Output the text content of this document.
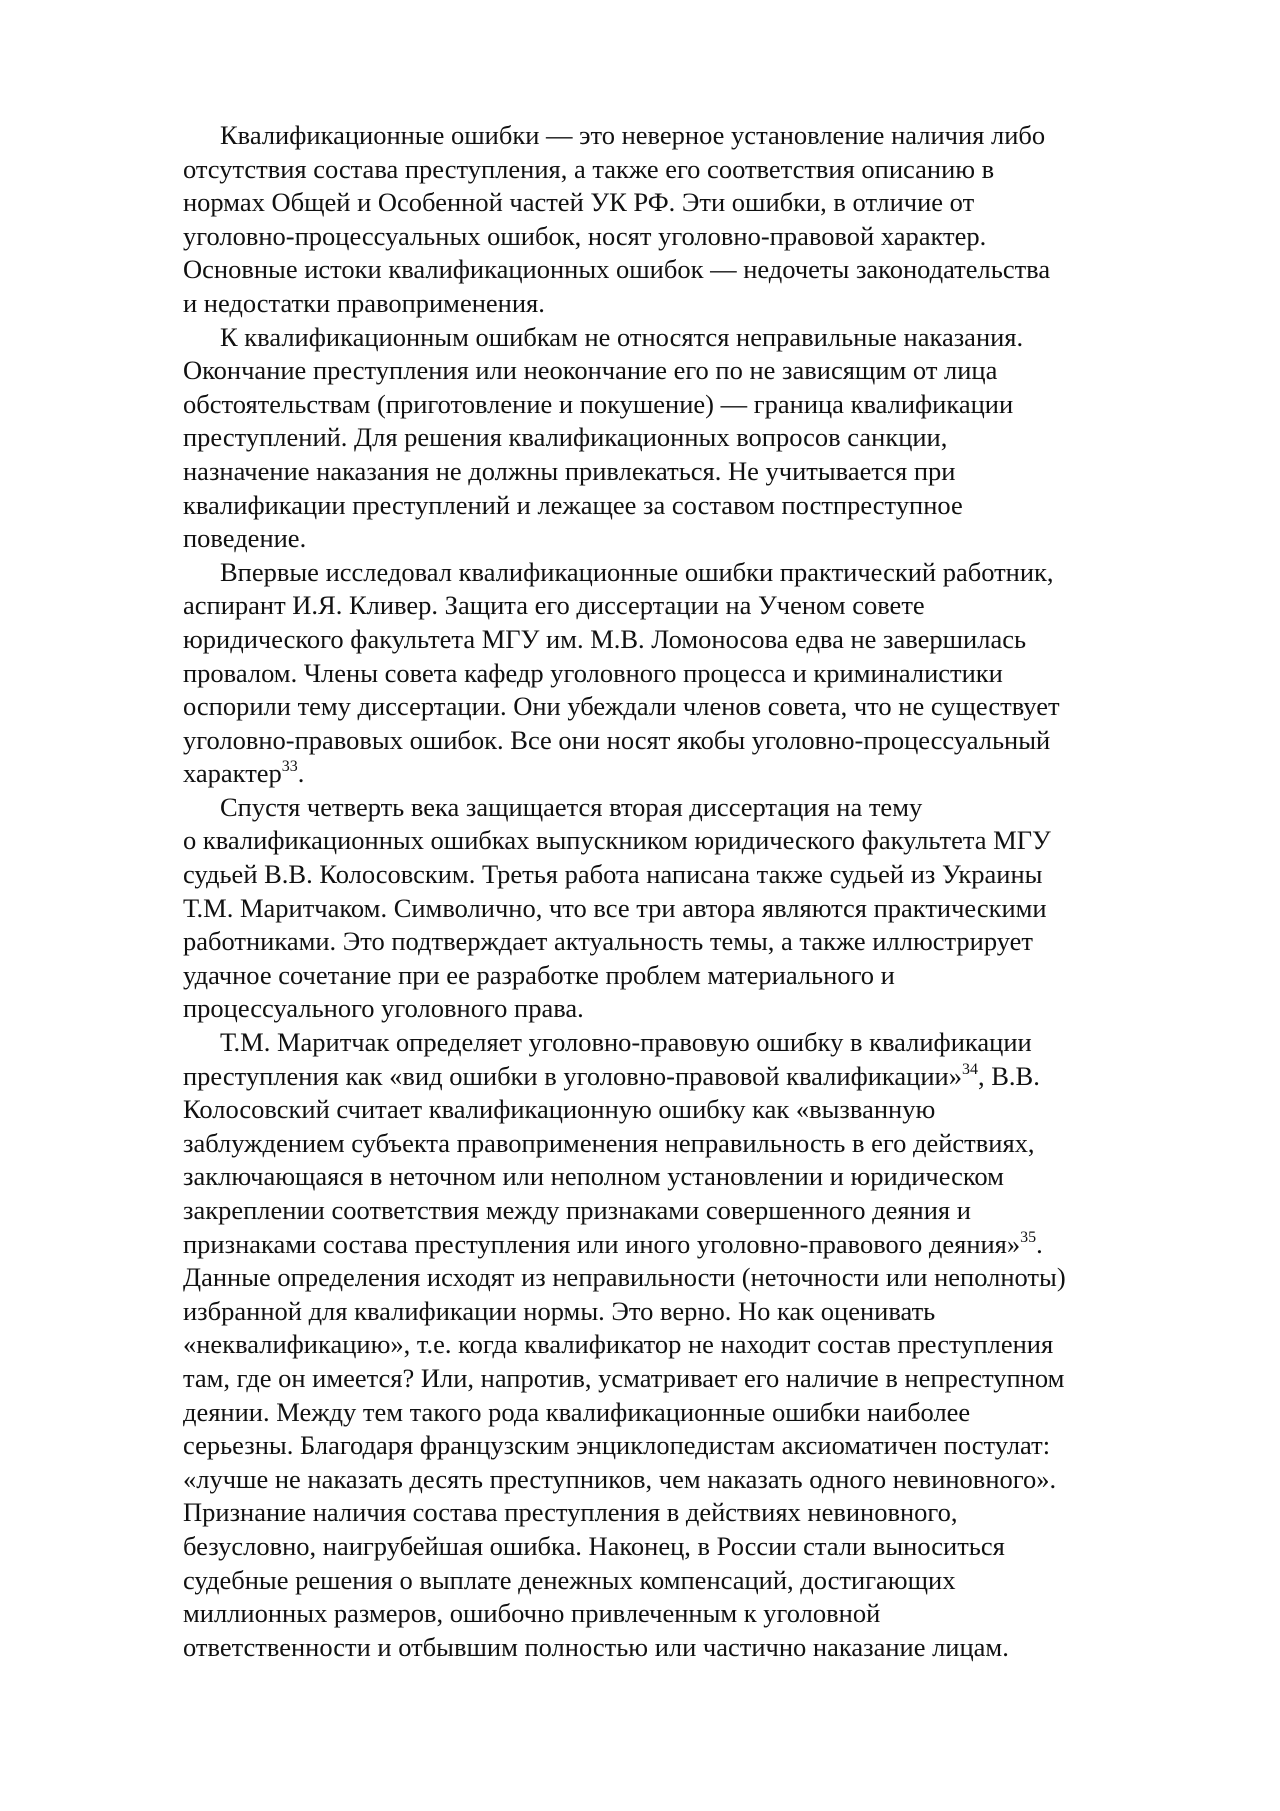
Квалификационные ошибки — это неверное установление наличия либо
отсутствия состава преступления, а также его соответствия описанию в
нормах Общей и Особенной частей УК РФ. Эти ошибки, в отличие от
уголовно-процессуальных ошибок, носят уголовно-правовой характер.
Основные истоки квалификационных ошибок — недочеты законодательства
и недостатки правоприменения.

К квалификационным ошибкам не относятся неправильные наказания.
Окончание преступления или неокончание его по не зависящим от лица
обстоятельствам (приготовление и покушение) — граница квалификации
преступлений. Для решения квалификационных вопросов санкции,
назначение наказания не должны привлекаться. Не учитывается при
квалификации преступлений и лежащее за составом постпреступное
поведение.

Впервые исследовал квалификационные ошибки практический работник,
аспирант И.Я. Кливер. Защита его диссертации на Ученом совете
юридического факультета МГУ им. М.В. Ломоносова едва не завершилась
провалом. Члены совета кафедр уголовного процесса и криминалистики
оспорили тему диссертации. Они убеждали членов совета, что не существует
уголовно-правовых ошибок. Все они носят якобы уголовно-процессуальный
характер$^{33}$.

Спустя четверть века защищается вторая диссертация на тему
о квалификационных ошибках выпускником юридического факультета МГУ
судьей В.В. Колосовским. Третья работа написана также судьей из Украины
Т.М. Маритчаком. Символично, что все три автора являются практическими
работниками. Это подтверждает актуальность темы, а также иллюстрирует
удачное сочетание при ее разработке проблем материального и
процессуального уголовного права.

Т.М. Маритчак определяет уголовно-правовую ошибку в квалификации
преступления как «вид ошибки в уголовно-правовой квалификации»$^{34}$, В.В.
Колосовский считает квалификационную ошибку как «вызванную
заблуждением субъекта правоприменения неправильность в его действиях,
заключающаяся в неточном или неполном установлении и юридическом
закреплении соответствия между признаками совершенного деяния и
признаками состава преступления или иного уголовно-правового деяния»$^{35}$.
Данные определения исходят из неправильности (неточности или неполноты)
избранной для квалификации нормы. Это верно. Но как оценивать
«неквалификацию», т.е. когда квалификатор не находит состав преступления
там, где он имеется? Или, напротив, усматривает его наличие в непреступном
деянии. Между тем такого рода квалификационные ошибки наиболее
серьезны. Благодаря французским энциклопедистам аксиоматичен постулат:
«лучше не наказать десять преступников, чем наказать одного невиновного».
Признание наличия состава преступления в действиях невиновного,
безусловно, наигрубейшая ошибка. Наконец, в России стали выноситься
судебные решения о выплате денежных компенсаций, достигающих
миллионных размеров, ошибочно привлеченным к уголовной
ответственности и отбывшим полностью или частично наказание лицам.
